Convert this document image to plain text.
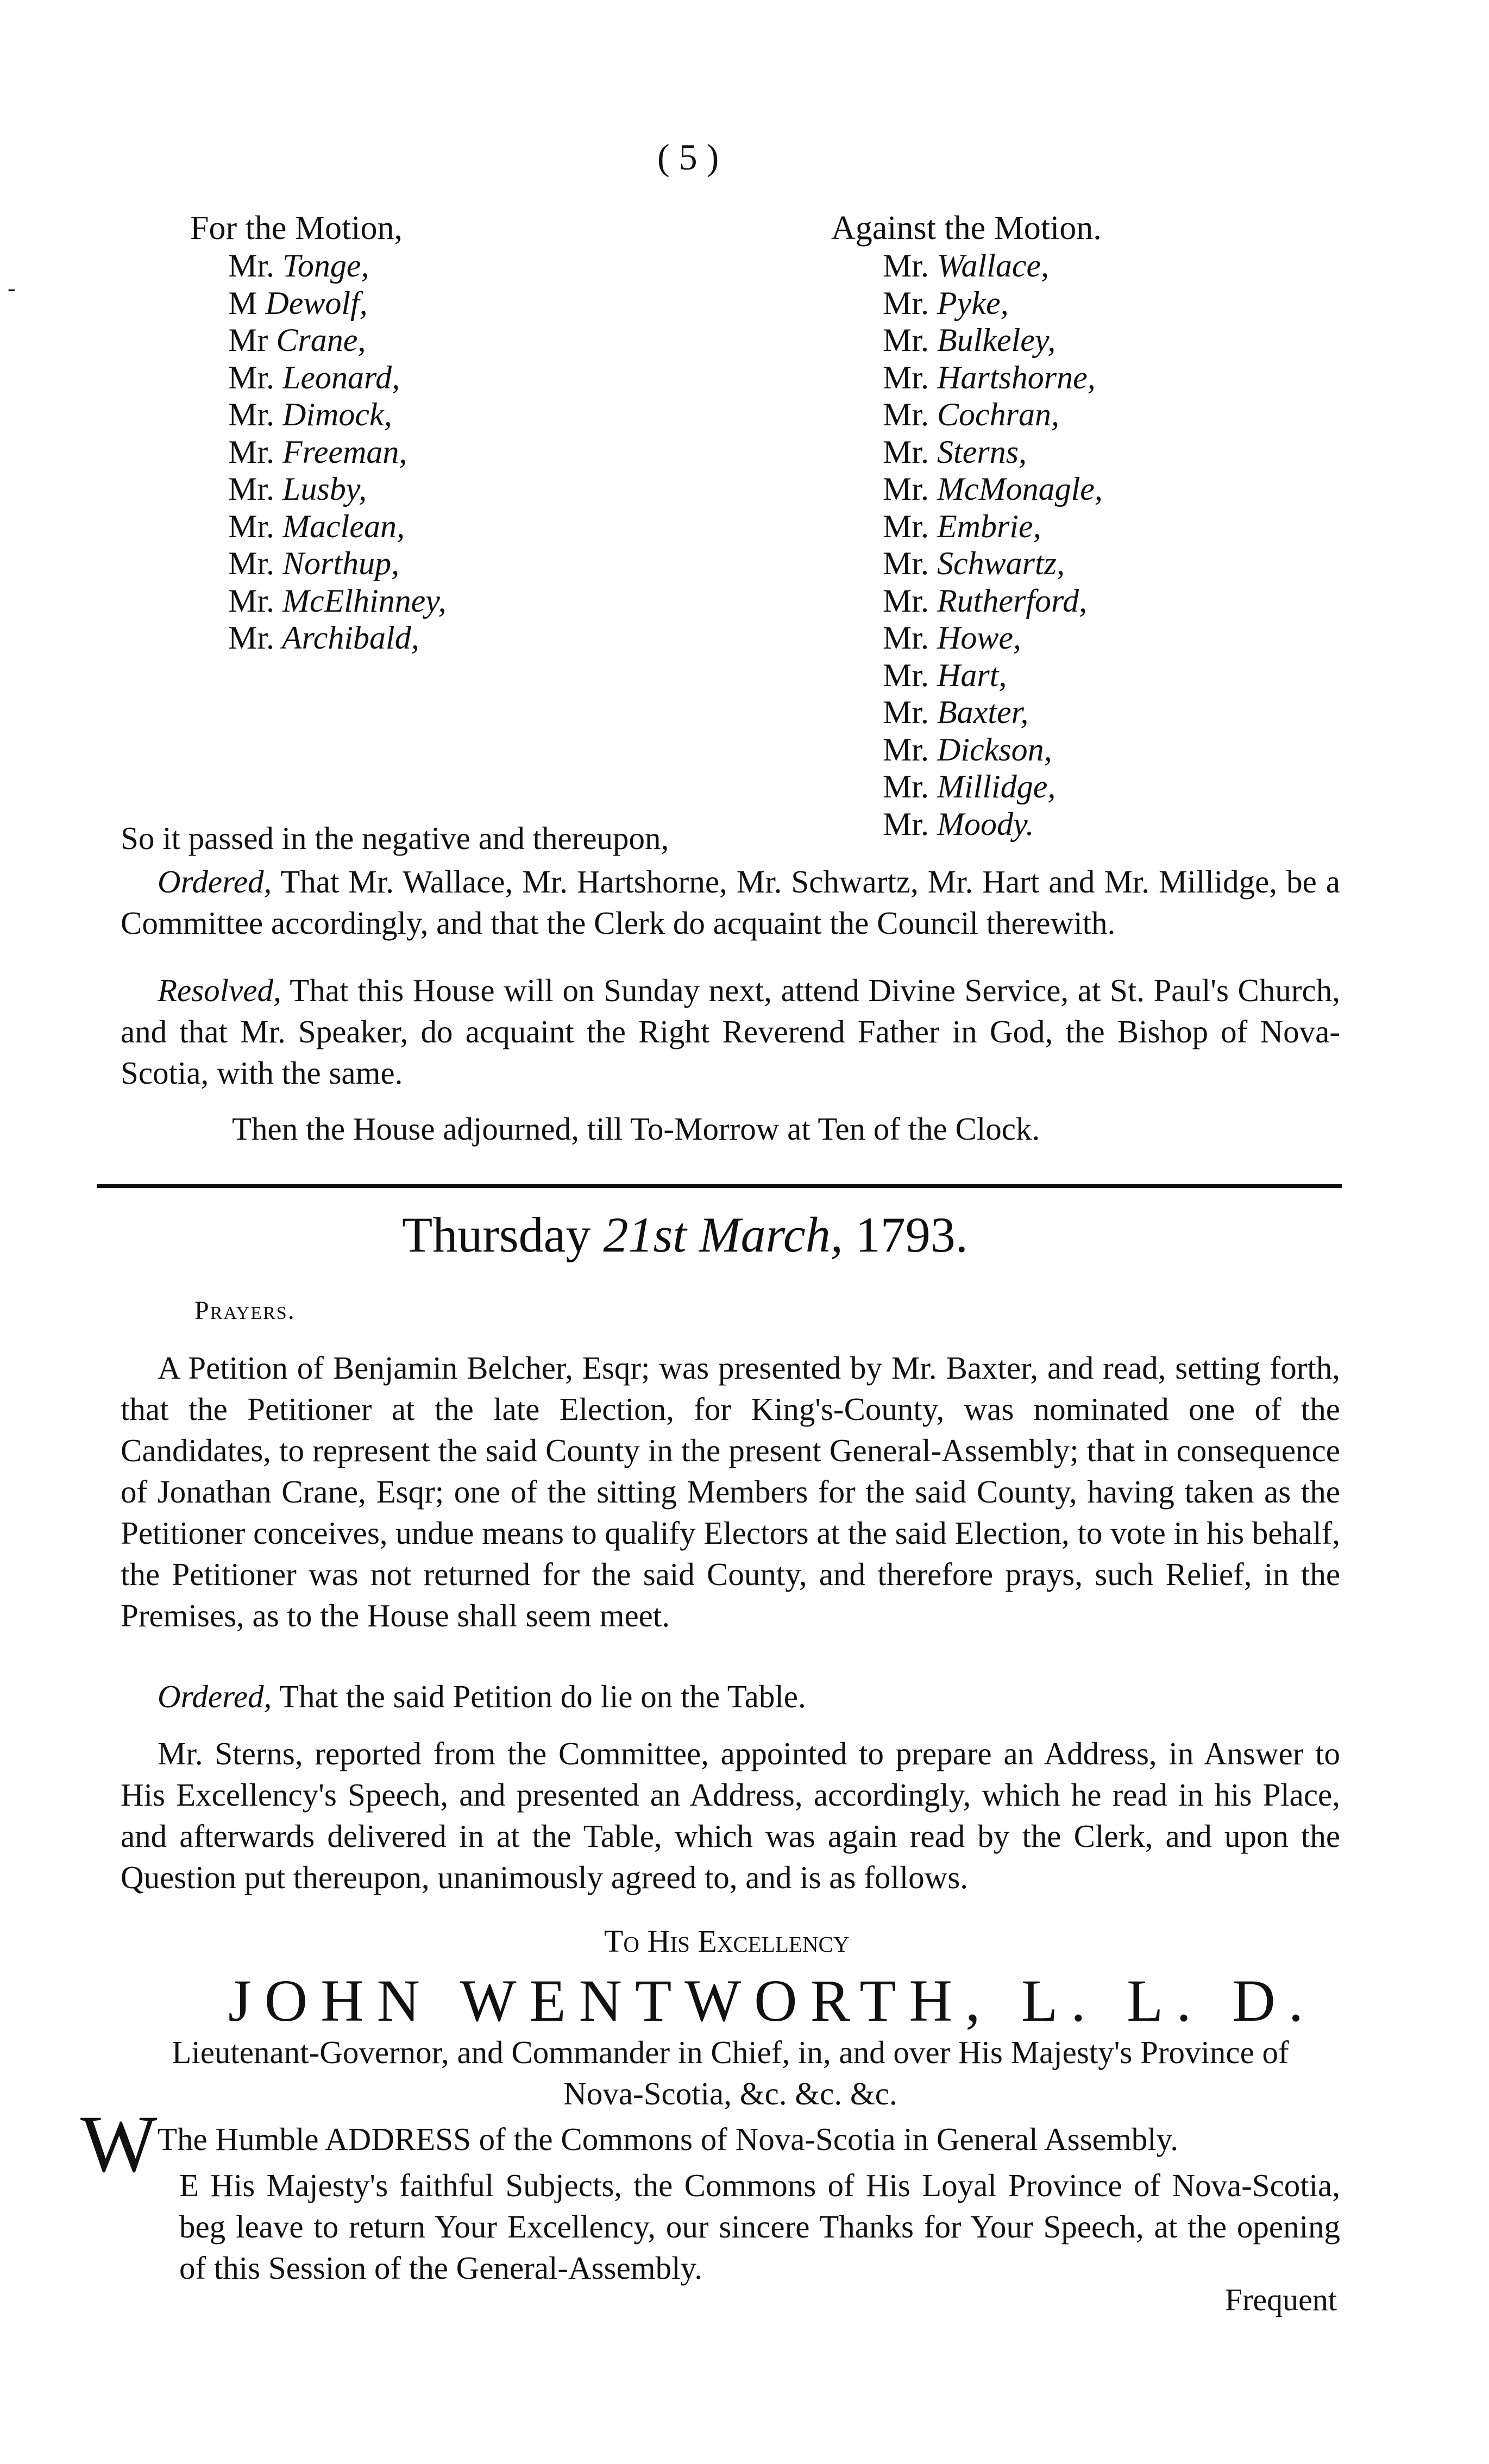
-
( 5 )
For the Motion,	Against the Motion.
Mr. Tonge,
M Dewolf,
Mr Crane,
Mr. Leonard,
Mr. Dimock,
Mr. Freeman,
Mr. Lusby,
Mr. Maclean,
Mr. Northup,
Mr. McElhinney,
Mr. Archibald,
Mr. Wallace,
Mr. Pyke,
Mr. Bulkeley,
Mr. Hartshorne,
Mr. Cochran,
Mr. Sterns,
Mr. McMonagle,
Mr. Embrie,
Mr. Schwartz,
Mr. Rutherford,
Mr. Howe,
Mr. Hart,
Mr. Baxter,
Mr. Dickson,
Mr. Millidge,
Mr. Moody.

So it passed in the negative and thereupon,

Ordered, That Mr. Wallace, Mr. Hartshorne, Mr. Schwartz, Mr. Hart and Mr. Millidge, be a Committee accordingly, and that the Clerk do acquaint the Council therewith.

Resolved, That this House will on Sunday next, attend Divine Service, at St. Paul's Church, and that Mr. Speaker, do acquaint the Right Reverend Father in God, the Bishop of Nova-Scotia, with the same.

Then the House adjourned, till To-Morrow at Ten of the Clock.

Thursday 21st March, 1793.
Prayers.

A Petition of Benjamin Belcher, Esqr; was presented by Mr. Baxter, and read, setting forth, that the Petitioner at the late Election, for King's-County, was nominated one of the Candidates, to represent the said County in the present General-Assembly; that in consequence of Jonathan Crane, Esqr; one of the sitting Members for the said County, having taken as the Petitioner conceives, undue means to qualify Electors at the said Election, to vote in his behalf, the Petitioner was not returned for the said County, and therefore prays, such Relief, in the Premises, as to the House shall seem meet.

Ordered, That the said Petition do lie on the Table.

Mr. Sterns, reported from the Committee, appointed to prepare an Address, in Answer to His Excellency's Speech, and presented an Address, accordingly, which he read in his Place, and afterwards delivered in at the Table, which was again read by the Clerk, and upon the Question put thereupon, unanimously agreed to, and is as follows.

To His Excellency
JOHN WENTWORTH, L. L. D.

Lieutenant-Governor, and Commander in Chief, in, and over His Majesty's Province of Nova-Scotia, &c. &c. &c.

The Humble ADDRESS of the Commons of Nova-Scotia in General Assembly.

W E His Majesty's faithful Subjects, the Commons of His Loyal Province of Nova-Scotia, beg leave to return Your Excellency, our sincere Thanks for Your Speech, at the opening of this Session of the General-Assembly.

Frequent
